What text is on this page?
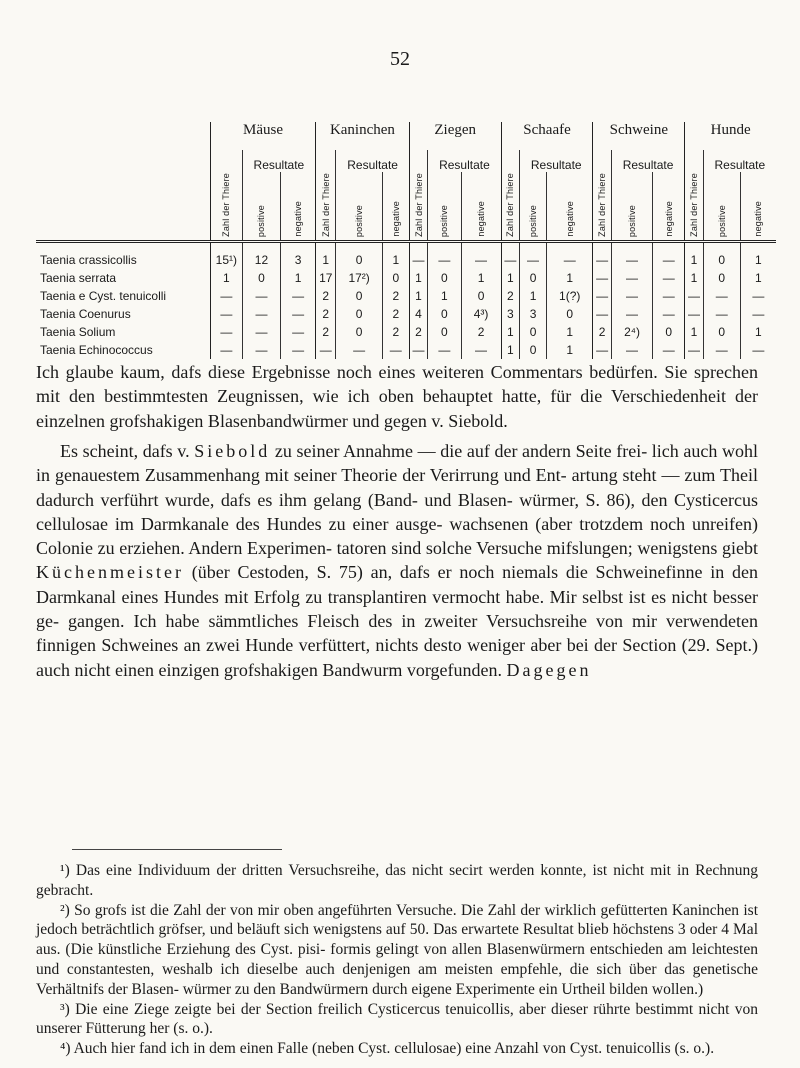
52
	Mäuse			Kaninchen			Ziegen			Schaafe			Schweine			Hunde		
		Resultate			Resultate			Resultate			Resultate			Resultate			Resultate	
	Zahl der Thiere	positive	negative	Zahl der Thiere	positive	negative	Zahl der Thiere	positive	negative	Zahl der Thiere	positive	negative	Zahl der Thiere	positive	negative	Zahl der Thiere	positive	negative

Taenia crassicollis	15¹)	12	3	1	0	1	—	—	—	—	—	—	—	—	—	1	0	1
Taenia serrata	1	0	1	17	17²)	0	1	0	1	1	0	1	—	—	—	1	0	1
Taenia e Cyst. tenuicolli	—	—	—	2	0	2	1	1	0	2	1	1(?)	—	—	—	—	—	—
Taenia Coenurus	—	—	—	2	0	2	4	0	4³)	3	3	0	—	—	—	—	—	—
Taenia Solium	—	—	—	2	0	2	2	0	2	1	0	1	2	2⁴)	0	1	0	1
Taenia Echinococcus	—	—	—	—	—	—	—	—	—	1	0	1	—	—	—	—	—	—
Ich glaube kaum, dafs diese Ergebnisse noch eines weiteren Commentars bedürfen. Sie sprechen mit den bestimmtesten Zeugnissen, wie ich oben behauptet hatte, für die Verschiedenheit der einzelnen grofshakigen Blasenbandwürmer und gegen v. Siebold.
Es scheint, dafs v. Siebold zu seiner Annahme — die auf der andern Seite frei- lich auch wohl in genauestem Zusammenhang mit seiner Theorie der Verirrung und Ent- artung steht — zum Theil dadurch verführt wurde, dafs es ihm gelang (Band- und Blasen- würmer, S. 86), den Cysticercus cellulosae im Darmkanale des Hundes zu einer ausge- wachsenen (aber trotzdem noch unreifen) Colonie zu erziehen. Andern Experimen- tatoren sind solche Versuche mifslungen; wenigstens giebt Küchenmeister (über Cestoden, S. 75) an, dafs er noch niemals die Schweinefinne in den Darmkanal eines Hundes mit Erfolg zu transplantiren vermocht habe. Mir selbst ist es nicht besser ge- gangen. Ich habe sämmtliches Fleisch des in zweiter Versuchsreihe von mir verwendeten finnigen Schweines an zwei Hunde verfüttert, nichts desto weniger aber bei der Section (29. Sept.) auch nicht einen einzigen grofshakigen Bandwurm vorgefunden. Dagegen

¹) Das eine Individuum der dritten Versuchsreihe, das nicht secirt werden konnte, ist nicht mit in Rechnung gebracht.

²) So grofs ist die Zahl der von mir oben angeführten Versuche. Die Zahl der wirklich gefütterten Kaninchen ist jedoch beträchtlich gröfser, und beläuft sich wenigstens auf 50. Das erwartete Resultat blieb höchstens 3 oder 4 Mal aus. (Die künstliche Erziehung des Cyst. pisi- formis gelingt von allen Blasenwürmern entschieden am leichtesten und constantesten, weshalb ich dieselbe auch denjenigen am meisten empfehle, die sich über das genetische Verhältnifs der Blasen- würmer zu den Bandwürmern durch eigene Experimente ein Urtheil bilden wollen.)

³) Die eine Ziege zeigte bei der Section freilich Cysticercus tenuicollis, aber dieser rührte bestimmt nicht von unserer Fütterung her (s. o.).

⁴) Auch hier fand ich in dem einen Falle (neben Cyst. cellulosae) eine Anzahl von Cyst. tenuicollis (s. o.).
